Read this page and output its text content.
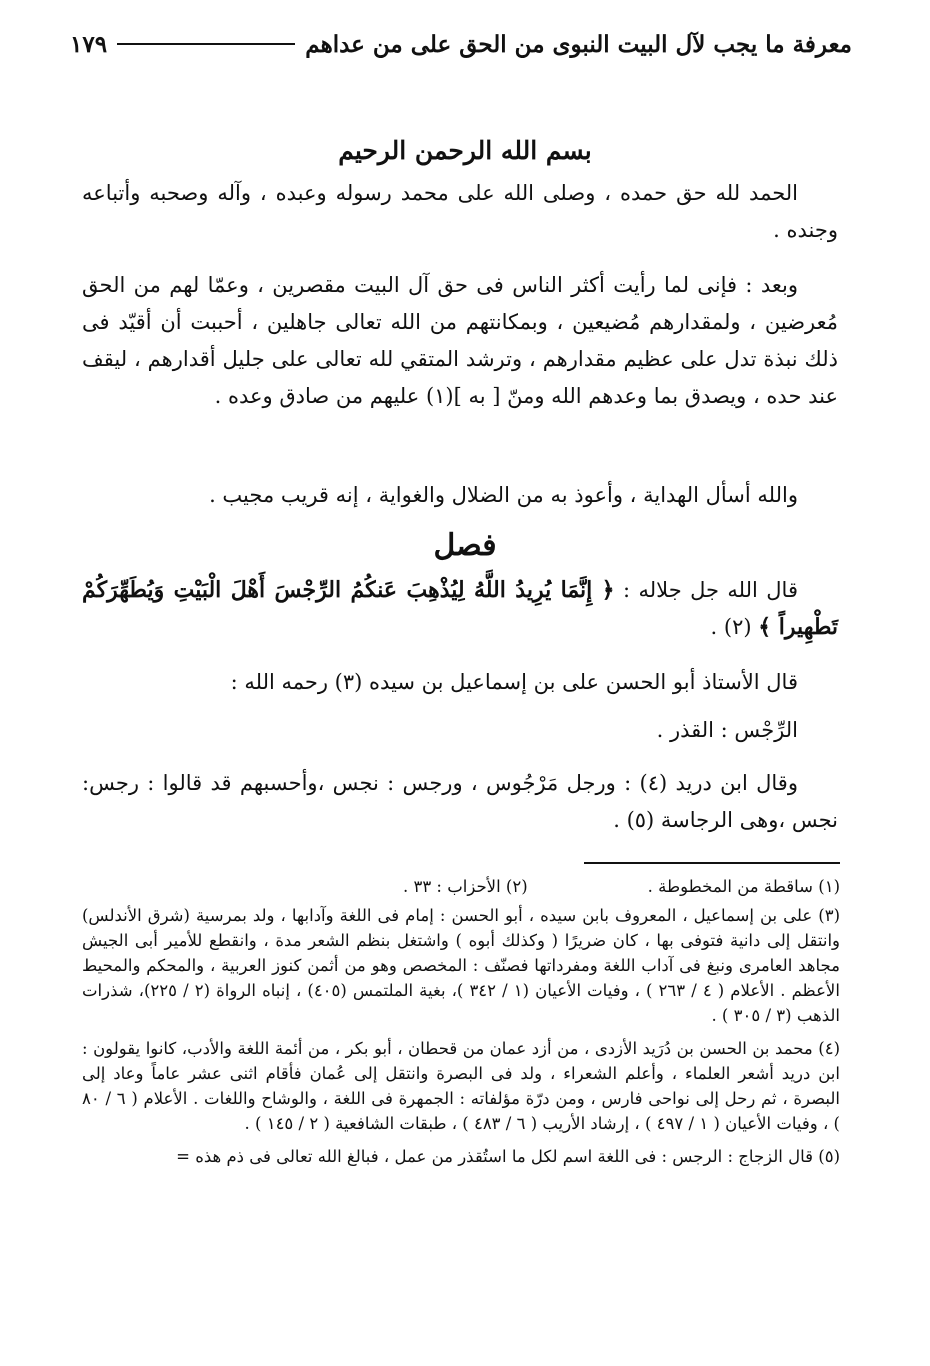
معرفة ما يجب لآل البيت النبوى من الحق على من عداهم
١٧٩
بسم الله الرحمن الرحيم

الحمد لله حق حمده ، وصلى الله على محمد رسوله وعبده ، وآله وصحبه وأتباعه وجنده .

وبعد : فإنى لما رأيت أكثر الناس فى حق آل البيت مقصرين ، وعمّا لهم من الحق مُعرضين ، ولمقدارهم مُضيعين ، وبمكانتهم من الله تعالى جاهلين ، أحببت أن أقيّد فى ذلك نبذة تدل على عظيم مقدارهم ، وترشد المتقي لله تعالى على جليل أقدارهم ، ليقف عند حده ، ويصدق بما وعدهم الله ومنّ [ به ](١) عليهم من صادق وعده .

والله أسأل الهداية ، وأعوذ به من الضلال والغواية ، إنه قريب مجيب .

فصل

قال الله جل جلاله : ﴿ إِنَّمَا يُرِيدُ اللَّهُ لِيُذْهِبَ عَنكُمُ الرِّجْسَ أَهْلَ الْبَيْتِ وَيُطَهِّرَكُمْ تَطْهِيراً ﴾ (٢) .

قال الأستاذ أبو الحسن على بن إسماعيل بن سيده (٣) رحمه الله :

الرِّجْس : القذر .

وقال ابن دريد (٤) : ورجل مَرْجُوس ، ورجس : نجس ،وأحسبهم قد قالوا : رجس: نجس ،وهى الرجاسة (٥) .

(١) ساقطة من المخطوطة .
(٢) الأحزاب : ٣٣ .

(٣) على بن إسماعيل ، المعروف بابن سيده ، أبو الحسن : إمام فى اللغة وآدابها ، ولد بمرسية (شرق الأندلس) وانتقل إلى دانية فتوفى بها ، كان ضريرًا ( وكذلك أبوه ) واشتغل بنظم الشعر مدة ، وانقطع للأمير أبى الجيش مجاهد العامرى ونبغ فى آداب اللغة ومفرداتها فصنّف : المخصص وهو من أثمن كنوز العربية ، والمحكم والمحيط الأعظم . الأعلام ( ٤ / ٢٦٣ ) ، وفيات الأعيان (١ / ٣٤٢ )، بغية الملتمس (٤٠٥) ، إنباه الرواة (٢ / ٢٢٥)، شذرات الذهب (٣ / ٣٠٥ ) .

(٤) محمد بن الحسن بن دُرَيد الأزدى ، من أزد عمان من قحطان ، أبو بكر ، من أئمة اللغة والأدب، كانوا يقولون : ابن دريد أشعر العلماء ، وأعلم الشعراء ، ولد فى البصرة وانتقل إلى عُمان فأقام اثنى عشر عاماً وعاد إلى البصرة ، ثم رحل إلى نواحى فارس ، ومن درّة مؤلفاته : الجمهرة فى اللغة ، والوشاح واللغات . الأعلام ( ٦ / ٨٠ ) ، وفيات الأعيان ( ١ / ٤٩٧ ) ، إرشاد الأريب ( ٦ / ٤٨٣ ) ، طبقات الشافعية ( ٢ / ١٤٥ ) .

(٥) قال الزجاج : الرجس : فى اللغة اسم لكل ما استُقذر من عمل ، فبالغ الله تعالى فى ذم هذه =
